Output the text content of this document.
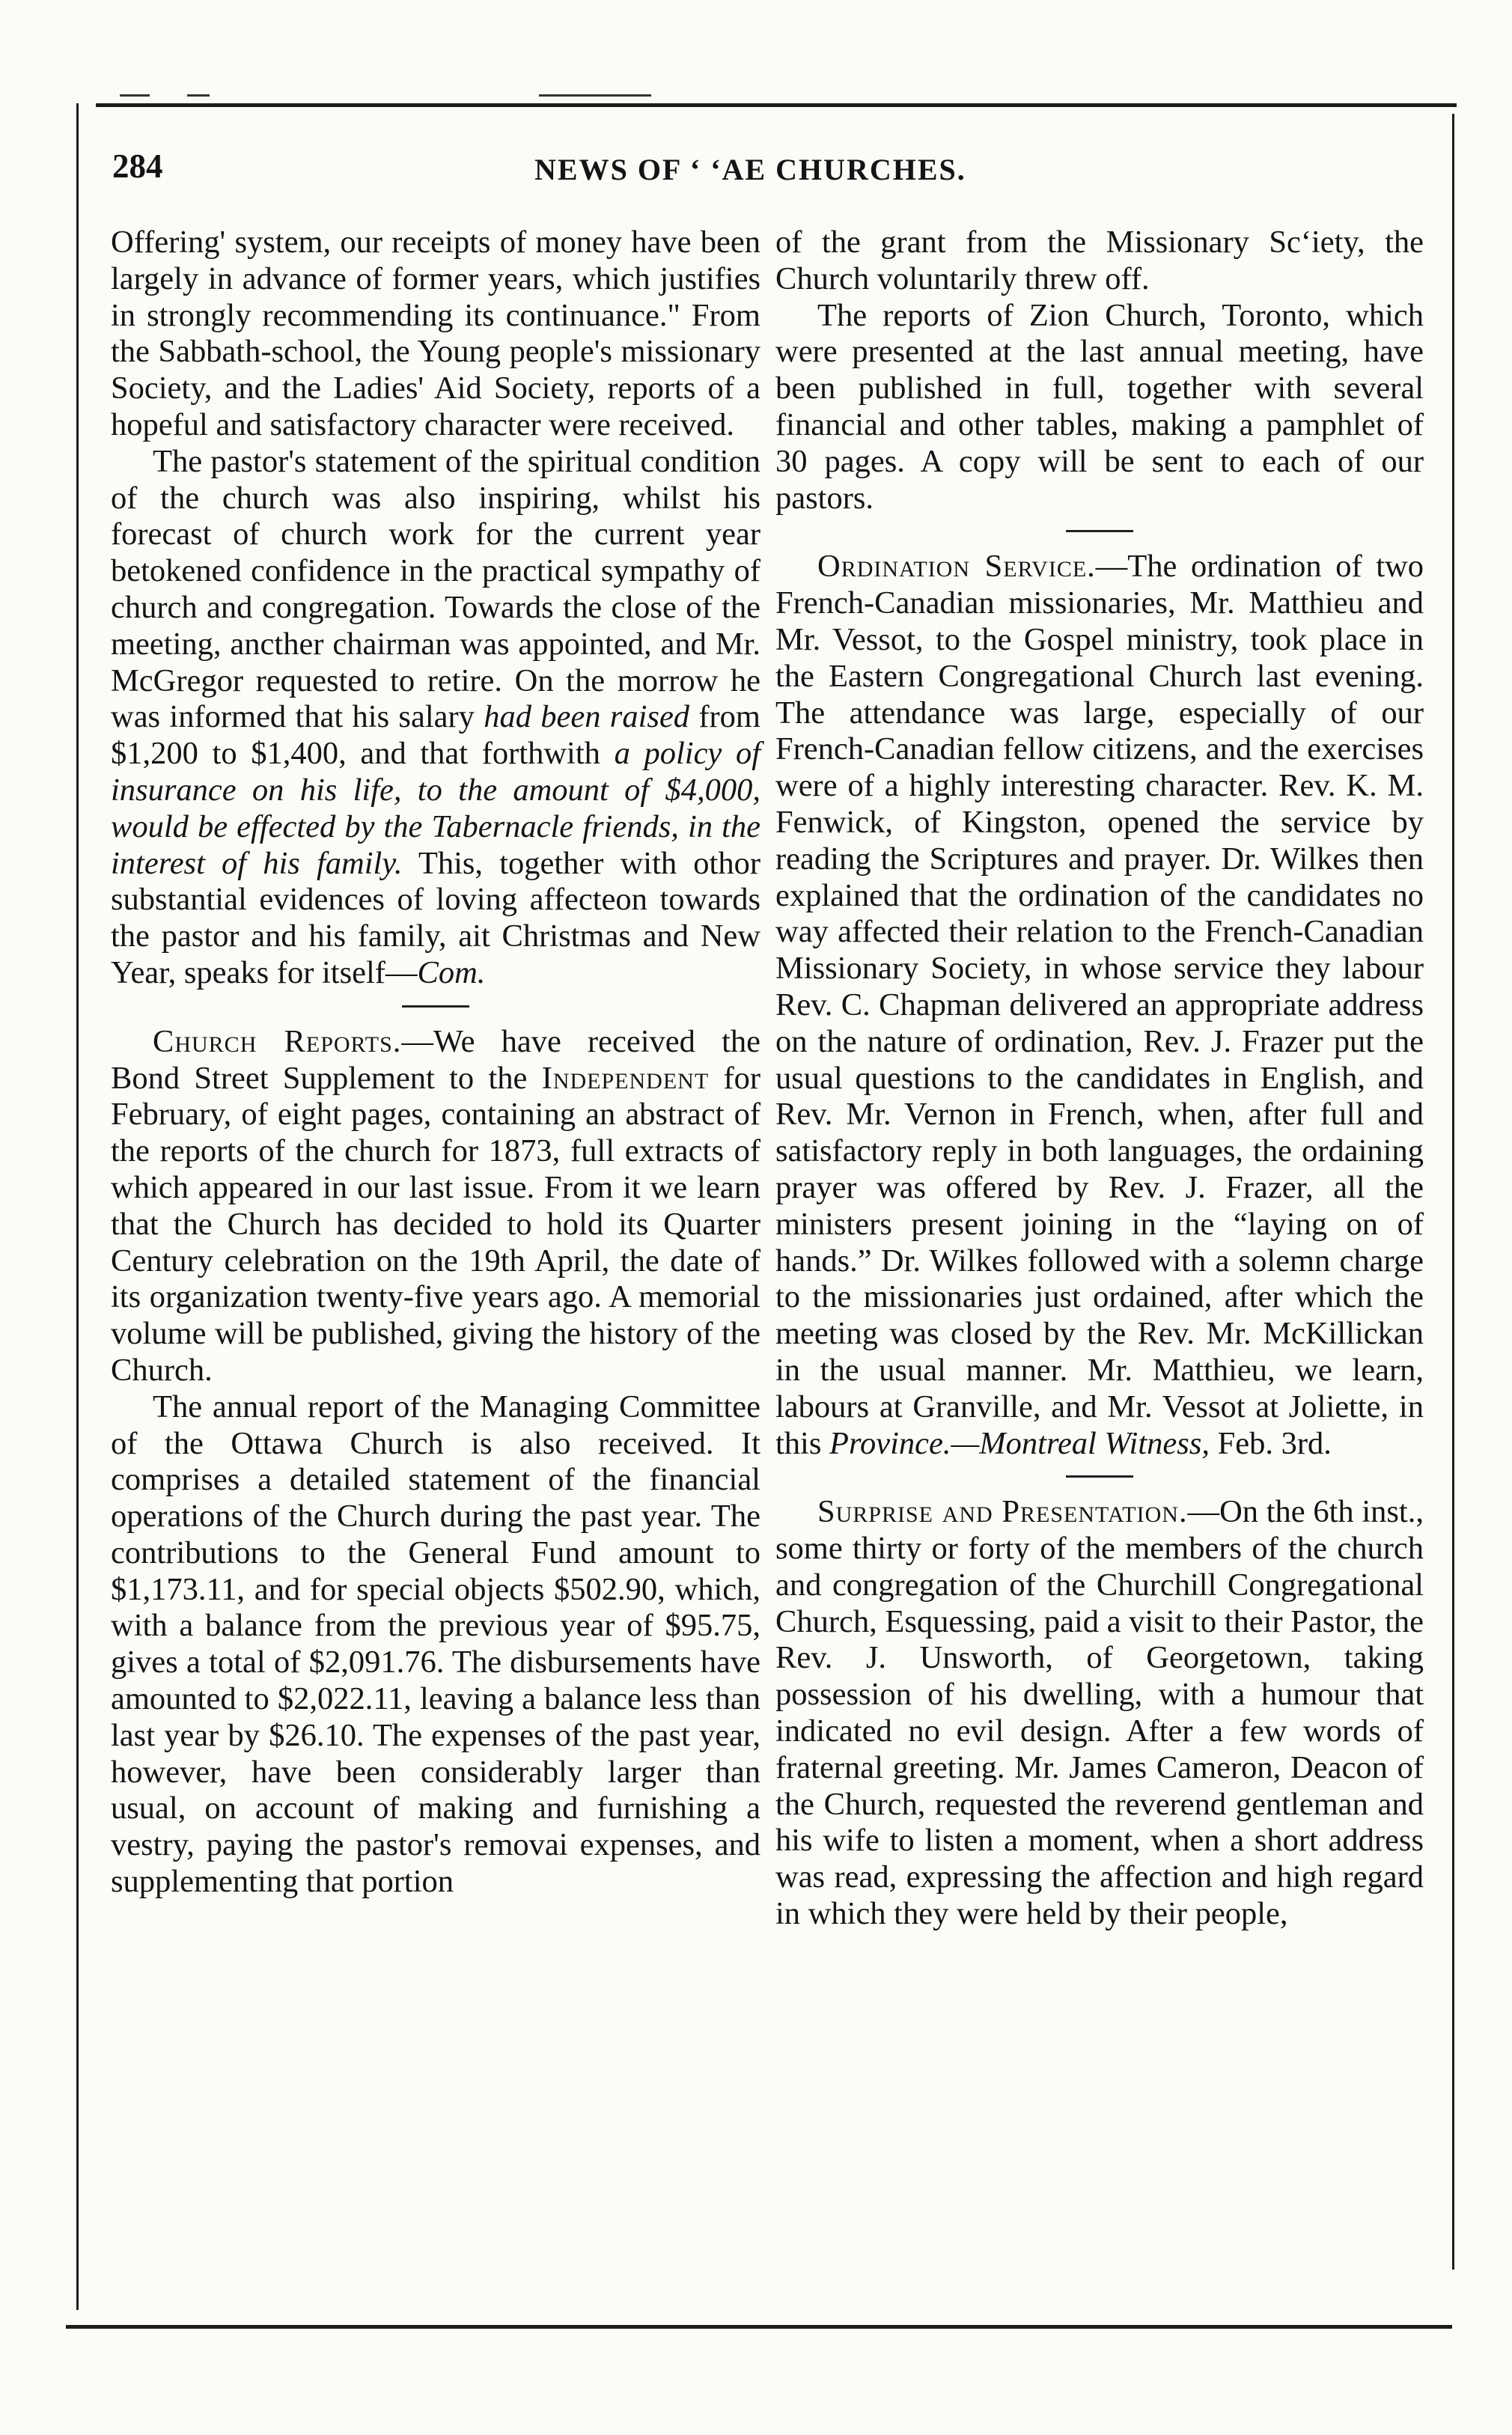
284	NEWS OF ʻ ʻAE CHURCHES.

Offering' system, our receipts of money have been largely in advance of former years, which justifies in strongly recommending its continuance." From the Sabbath-school, the Young people's missionary Society, and the Ladies' Aid Society, reports of a hopeful and satisfactory character were received.

The pastor's statement of the spiritual condition of the church was also inspiring, whilst his forecast of church work for the current year betokened confidence in the practical sympathy of church and congregation. Towards the close of the meeting, ancther chairman was appointed, and Mr. McGregor requested to retire. On the morrow he was informed that his salary had been raised from $1,200 to $1,400, and that forthwith a policy of insurance on his life, to the amount of $4,000, would be effected by the Tabernacle friends, in the interest of his family. This, together with othor substantial evidences of loving affecteon towards the pastor and his family, ait Christmas and New Year, speaks for itself—Com.

Church Reports.—We have received the Bond Street Supplement to the Independent for February, of eight pages, containing an abstract of the reports of the church for 1873, full extracts of which appeared in our last issue. From it we learn that the Church has decided to hold its Quarter Century celebration on the 19th April, the date of its organization twenty-five years ago. A memorial volume will be published, giving the history of the Church.

The annual report of the Managing Committee of the Ottawa Church is also received. It comprises a detailed statement of the financial operations of the Church during the past year. The contributions to the General Fund amount to $1,173.11, and for special objects $502.90, which, with a balance from the previous year of $95.75, gives a total of $2,091.76. The disbursements have amounted to $2,022.11, leaving a balance less than last year by $26.10. The expenses of the past year, however, have been considerably larger than usual, on account of making and furnishing a vestry, paying the pastor's removai expenses, and supplementing that portion

of the grant from the Missionary Scʻiety, the Church voluntarily threw off.

The reports of Zion Church, Toronto, which were presented at the last annual meeting, have been published in full, together with several financial and other tables, making a pamphlet of 30 pages. A copy will be sent to each of our pastors.

Ordination Service.—The ordination of two French-Canadian missionaries, Mr. Matthieu and Mr. Vessot, to the Gospel ministry, took place in the Eastern Congregational Church last evening. The attendance was large, especially of our French-Canadian fellow citizens, and the exercises were of a highly interesting character. Rev. K. M. Fenwick, of Kingston, opened the service by reading the Scriptures and prayer. Dr. Wilkes then explained that the ordination of the candidates no way affected their relation to the French-Canadian Missionary Society, in whose service they labour Rev. C. Chapman delivered an appropriate address on the nature of ordination, Rev. J. Frazer put the usual questions to the candidates in English, and Rev. Mr. Vernon in French, when, after full and satisfactory reply in both languages, the ordaining prayer was offered by Rev. J. Frazer, all the ministers present joining in the “laying on of hands.” Dr. Wilkes followed with a solemn charge to the missionaries just ordained, after which the meeting was closed by the Rev. Mr. McKillickan in the usual manner. Mr. Matthieu, we learn, labours at Granville, and Mr. Vessot at Joliette, in this Province.—Montreal Witness, Feb. 3rd.

Surprise and Presentation.—On the 6th inst., some thirty or forty of the members of the church and congregation of the Churchill Congregational Church, Esquessing, paid a visit to their Pastor, the Rev. J. Unsworth, of Georgetown, taking possession of his dwelling, with a humour that indicated no evil design. After a few words of fraternal greeting. Mr. James Cameron, Deacon of the Church, requested the reverend gentleman and his wife to listen a moment, when a short address was read, expressing the affection and high regard in which they were held by their people,
